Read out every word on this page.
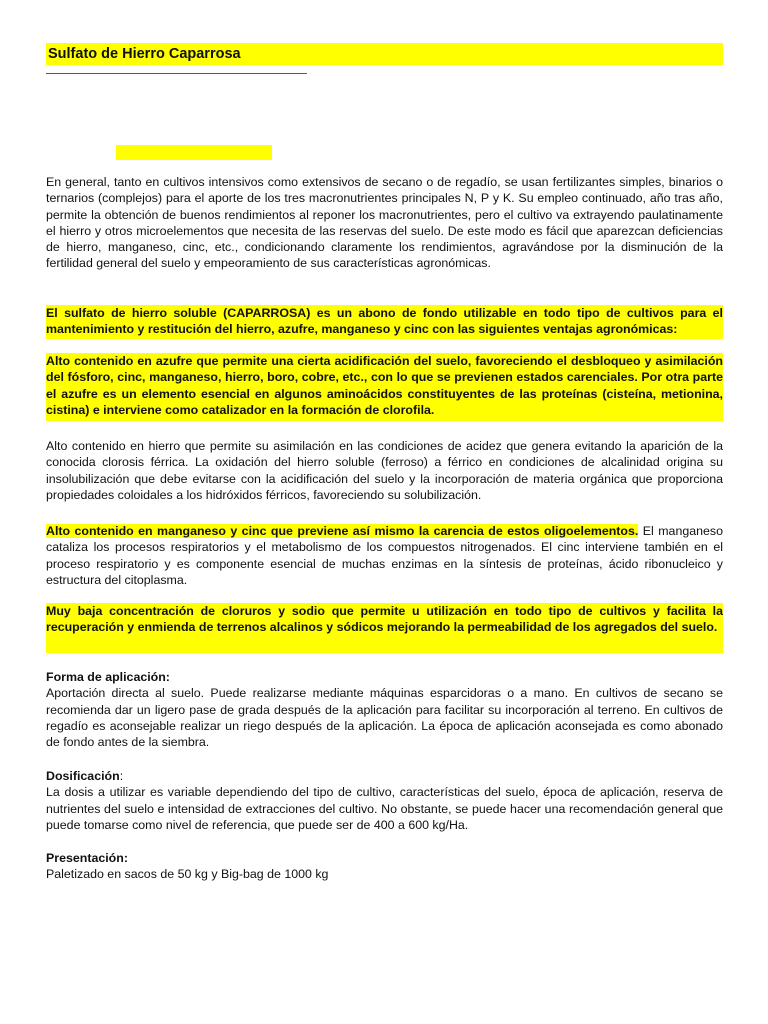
Sulfato de Hierro Caparrosa

En general, tanto en cultivos intensivos como extensivos de secano o de regadío, se usan fertilizantes simples, binarios o ternarios (complejos) para el aporte de los tres macronutrientes principales N, P y K. Su empleo continuado, año tras año, permite la obtención de buenos rendimientos al reponer los macronutrientes, pero el cultivo va extrayendo paulatinamente el hierro y otros microelementos que necesita de las reservas del suelo. De este modo es fácil que aparezcan deficiencias de hierro, manganeso, cinc, etc., condicionando claramente los rendimientos, agravándose por la disminución de la fertilidad general del suelo y empeoramiento de sus características agronómicas.

El sulfato de hierro soluble (CAPARROSA) es un abono de fondo utilizable en todo tipo de cultivos para el mantenimiento y restitución del hierro, azufre, manganeso y cinc con las siguientes ventajas agronómicas:

Alto contenido en azufre que permite una cierta acidificación del suelo, favoreciendo el desbloqueo y asimilación del fósforo, cinc, manganeso, hierro, boro, cobre, etc., con lo que se previenen estados carenciales. Por otra parte el azufre es un elemento esencial en algunos aminoácidos constituyentes de las proteínas (cisteína, metionina, cistina) e interviene como catalizador en la formación de clorofila.

Alto contenido en hierro que permite su asimilación en las condiciones de acidez que genera evitando la aparición de la conocida clorosis férrica. La oxidación del hierro soluble (ferroso) a férrico en condiciones de alcalinidad origina su insolubilización que debe evitarse con la acidificación del suelo y la incorporación de materia orgánica que proporciona propiedades coloidales a los hidróxidos férricos, favoreciendo su solubilización.

Alto contenido en manganeso y cinc que previene así mismo la carencia de estos oligoelementos. El manganeso cataliza los procesos respiratorios y el metabolismo de los compuestos nitrogenados. El cinc interviene también en el proceso respiratorio y es componente esencial de muchas enzimas en la síntesis de proteínas, ácido ribonucleico y estructura del citoplasma.

Muy baja concentración de cloruros y sodio que permite u utilización en todo tipo de cultivos y facilita la recuperación y enmienda de terrenos alcalinos y sódicos mejorando la permeabilidad de los agregados del suelo.

Forma de aplicación:
Aportación directa al suelo. Puede realizarse mediante máquinas esparcidoras o a mano. En cultivos de secano se recomienda dar un ligero pase de grada después de la aplicación para facilitar su incorporación al terreno. En cultivos de regadío es aconsejable realizar un riego después de la aplicación. La época de aplicación aconsejada es como abonado de fondo antes de la siembra.
Dosificación:
La dosis a utilizar es variable dependiendo del tipo de cultivo, características del suelo, época de aplicación, reserva de nutrientes del suelo e intensidad de extracciones del cultivo. No obstante, se puede hacer una recomendación general que puede tomarse como nivel de referencia, que puede ser de 400 a 600 kg/Ha.
Presentación:
Paletizado en sacos de 50 kg y Big-bag de 1000 kg
